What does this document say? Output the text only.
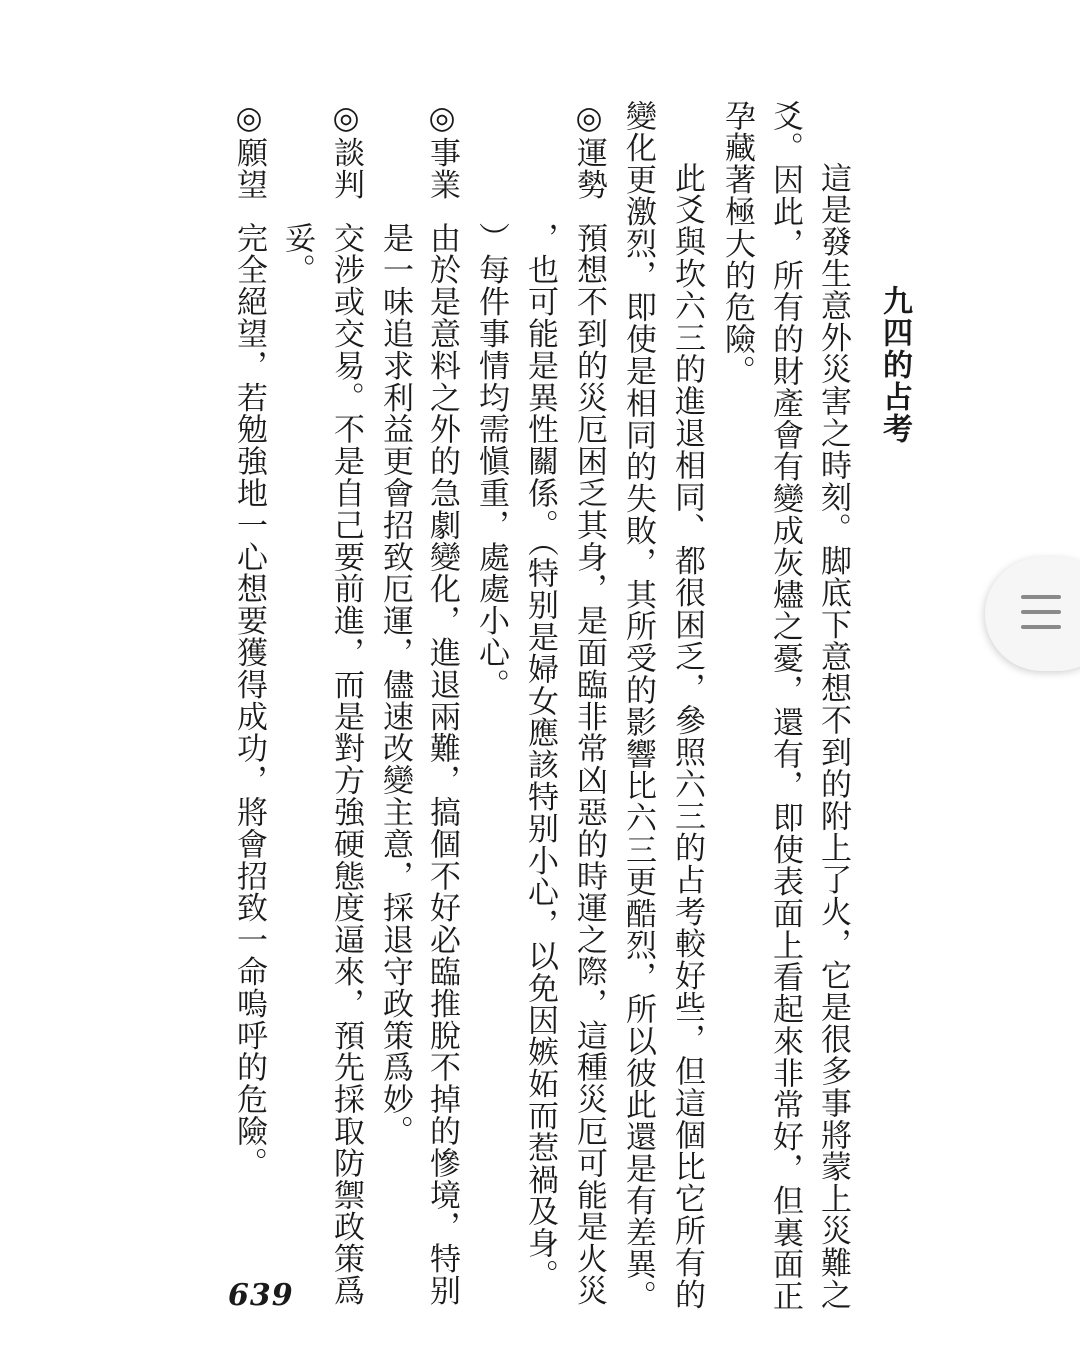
九四的占考
這是發生意外災害之時刻。脚底下意想不到的附上了火，它是很多事將蒙上災難之
爻。因此，所有的財產會有變成灰燼之憂，還有，即使表面上看起來非常好，但裏面正
孕藏著極大的危險。
此爻與坎六三的進退相同、都很困乏，參照六三的占考較好些，但這個比它所有的
變化更激烈，即使是相同的失敗，其所受的影響比六三更酷烈，所以彼此還是有差異。
◎運勢
預想不到的災厄困乏其身，是面臨非常凶惡的時運之際，這種災厄可能是火災
，也可能是異性關係。（特别是婦女應該特别小心，以免因嫉妬而惹禍及身。
）每件事情均需愼重，處處小心。
◎事業
由於是意料之外的急劇變化，進退兩難，搞個不好必臨推脫不掉的慘境，特别
是一味追求利益更會招致厄運，儘速改變主意，採退守政策爲妙。
◎談判
交涉或交易。不是自己要前進，而是對方強硬態度逼來，預先採取防禦政策爲
妥。
◎願望
完全絕望，若勉強地一心想要獲得成功，將會招致一命嗚呼的危險。
639
